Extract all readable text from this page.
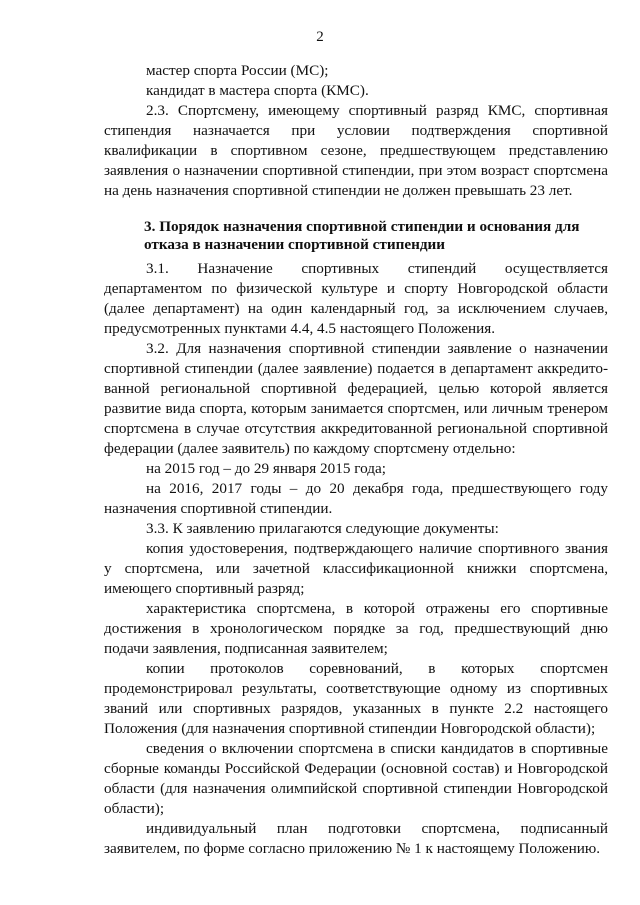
2

мастер спорта России (МС);

кандидат в мастера спорта (КМС).

2.3. Спортсмену, имеющему спортивный разряд КМС, спортивная стипендия назначается при условии подтверждения спортивной квалификации в спортивном сезоне, предшествующем представлению заявления о назначении спортивной стипендии, при этом возраст спортсмена на день назначения спортивной стипендии не должен превышать 23 лет.

3. Порядок назначения спортивной стипендии и основания для отказа в назначении спортивной стипендии

3.1. Назначение спортивных стипендий осуществляется департаментом по физической культуре и спорту Новгородской области (далее департамент) на один календарный год, за исключением случаев, предусмотренных пунктами 4.4, 4.5 настоящего Положения.

3.2. Для назначения спортивной стипендии заявление о назначении спортивной стипендии (далее заявление) подается в департамент аккредитованной региональной спортивной федерацией, целью которой является развитие вида спорта, которым занимается спортсмен, или личным тренером спортсмена в случае отсутствия аккредитованной региональной спортивной федерации (далее заявитель) по каждому спортсмену отдельно:

на 2015 год – до 29 января 2015 года;

на 2016, 2017 годы – до 20 декабря года, предшествующего году назначения спортивной стипендии.

3.3. К заявлению прилагаются следующие документы:

копия удостоверения, подтверждающего наличие спортивного звания у спортсмена, или зачетной классификационной книжки спортсмена, имеющего спортивный разряд;

характеристика спортсмена, в которой отражены его спортивные достижения в хронологическом порядке за год, предшествующий дню подачи заявления, подписанная заявителем;

копии протоколов соревнований, в которых спортсмен продемонстрировал результаты, соответствующие одному из спортивных званий или спортивных разрядов, указанных в пункте 2.2 настоящего Положения (для назначения спортивной стипендии Новгородской области);

сведения о включении спортсмена в списки кандидатов в спортивные сборные команды Российской Федерации (основной состав) и Новгородской области (для назначения олимпийской спортивной стипендии Новгородской области);

индивидуальный план подготовки спортсмена, подписанный заявителем, по форме согласно приложению № 1 к настоящему Положению.
